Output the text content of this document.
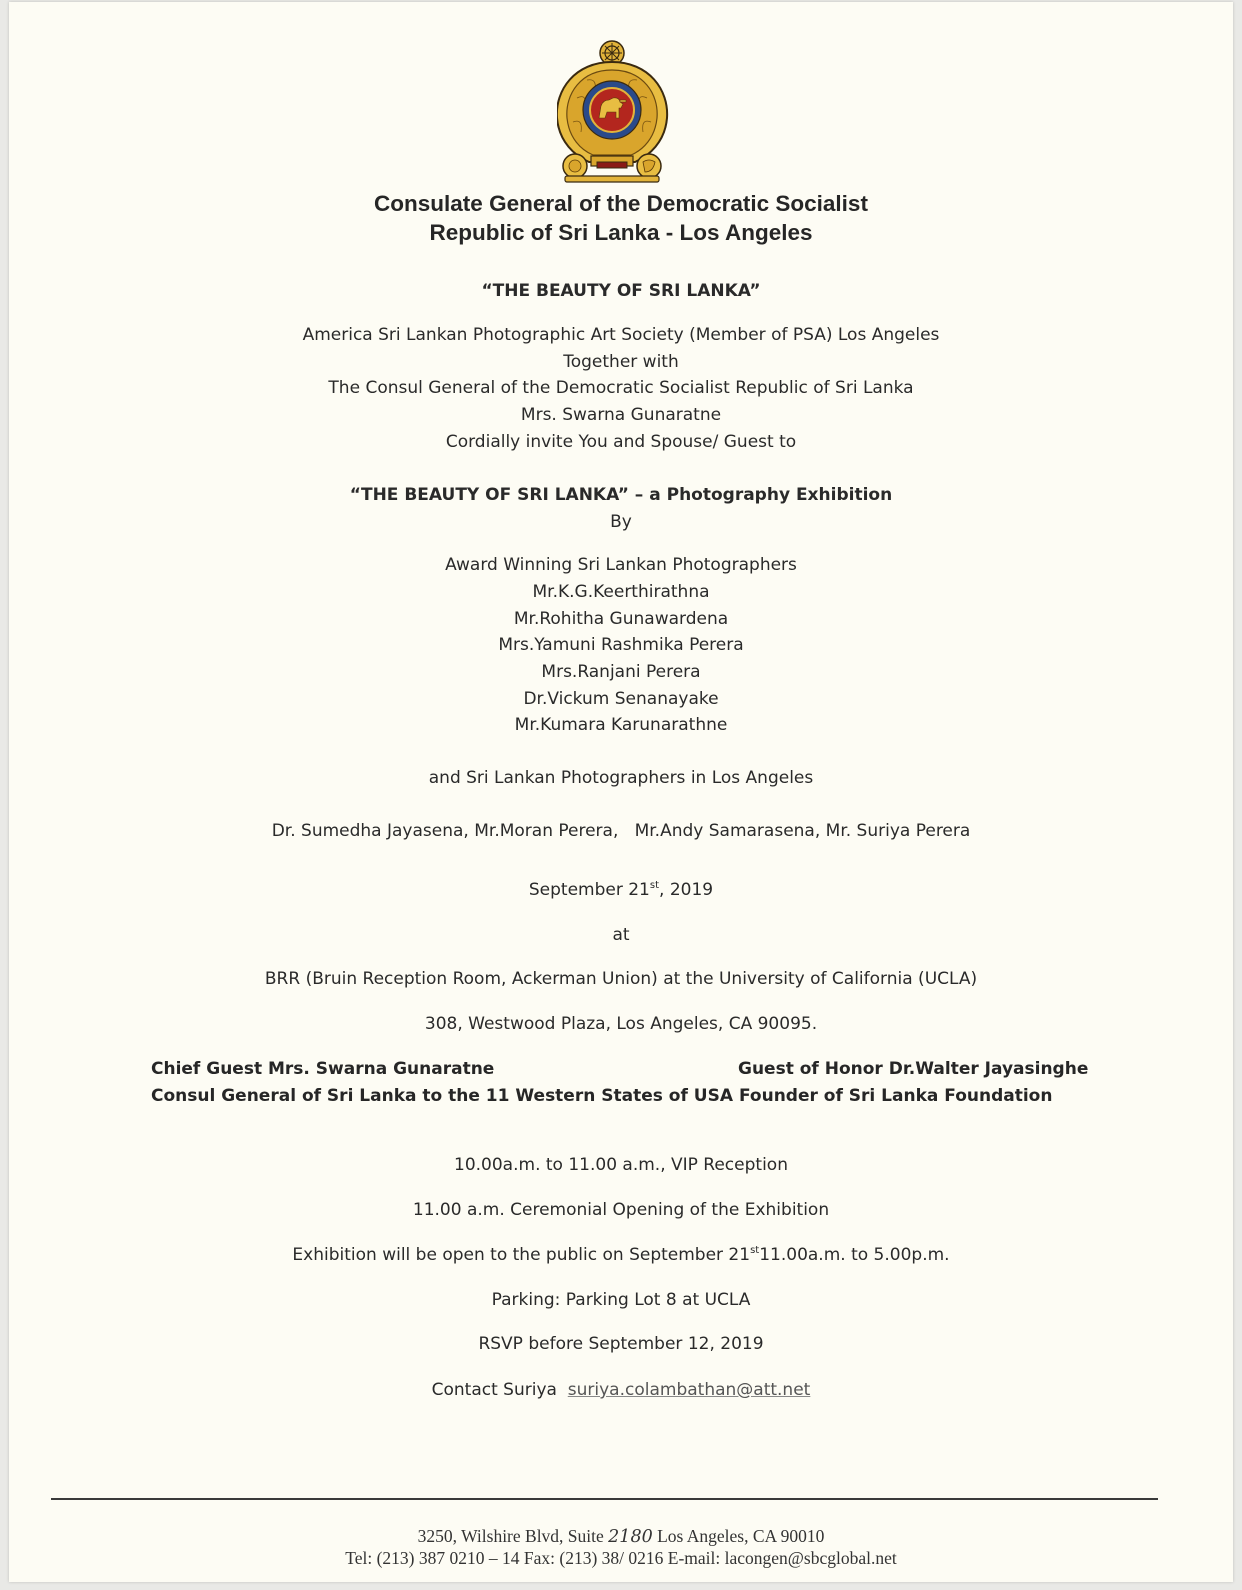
Consulate General of the Democratic Socialist
Republic of Sri Lanka - Los Angeles
“THE BEAUTY OF SRI LANKA”
America Sri Lankan Photographic Art Society (Member of PSA) Los Angeles
Together with
The Consul General of the Democratic Socialist Republic of Sri Lanka
Mrs. Swarna Gunaratne
Cordially invite You and Spouse/ Guest to
“THE BEAUTY OF SRI LANKA” – a Photography Exhibition
By
Award Winning Sri Lankan Photographers
Mr.K.G.Keerthirathna
Mr.Rohitha Gunawardena
Mrs.Yamuni Rashmika Perera
Mrs.Ranjani Perera
Dr.Vickum Senanayake
Mr.Kumara Karunarathne
and Sri Lankan Photographers in Los Angeles
Dr. Sumedha Jayasena, Mr.Moran Perera,   Mr.Andy Samarasena, Mr. Suriya Perera
September 21st, 2019
at
BRR (Bruin Reception Room, Ackerman Union) at the University of California (UCLA)
308, Westwood Plaza, Los Angeles, CA 90095.
Chief Guest Mrs. Swarna Gunaratne
Consul General of Sri Lanka to the 11 Western States of USA
Guest of Honor Dr.Walter Jayasinghe
Founder of Sri Lanka Foundation
10.00a.m. to 11.00 a.m., VIP Reception
11.00 a.m. Ceremonial Opening of the Exhibition
Exhibition will be open to the public on September 21st11.00a.m. to 5.00p.m.
Parking: Parking Lot 8 at UCLA
RSVP before September 12, 2019
Contact Suriya suriya.colambathan@att.net
3250, Wilshire Blvd, Suite 2180 Los Angeles, CA 90010
Tel: (213) 387 0210 – 14 Fax: (213) 38/ 0216 E-mail: lacongen@sbcglobal.net
